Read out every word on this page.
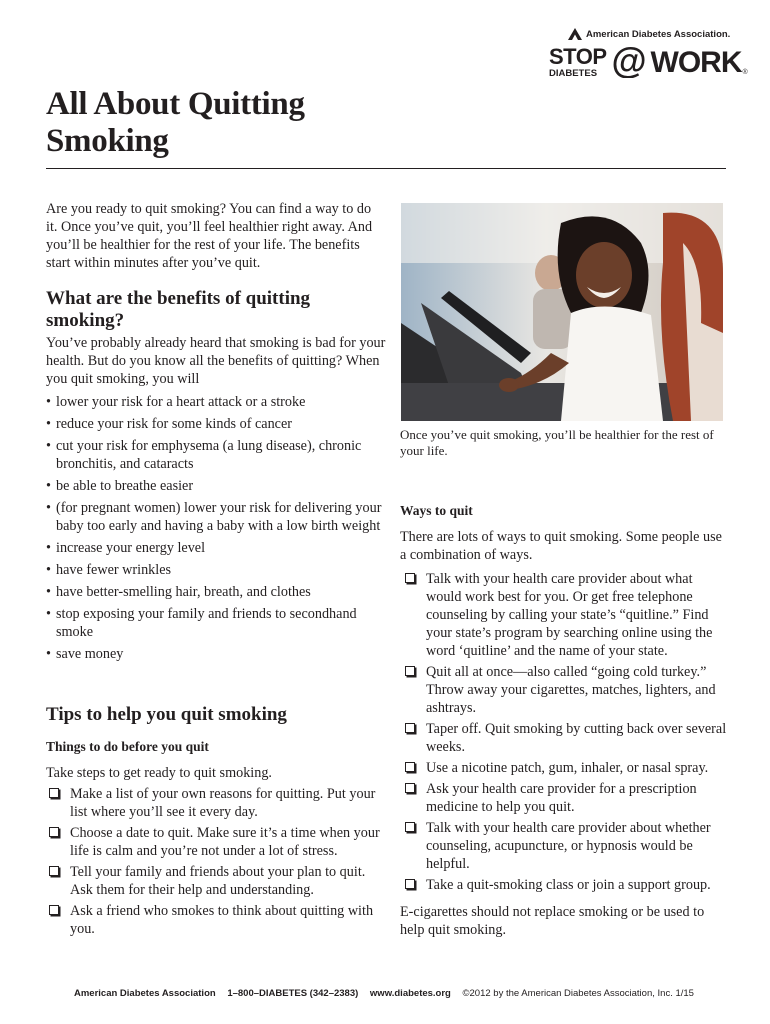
American Diabetes Association.
STOP
DIABETES @ WORK ®
All About Quitting Smoking
Are you ready to quit smoking? You can find a way to do it. Once you’ve quit, you’ll feel healthier right away. And you’ll be healthier for the rest of your life. The benefits start within minutes after you’ve quit.
What are the benefits of quitting smoking?
You’ve probably already heard that smoking is bad for your health. But do you know all the benefits of quitting? When you quit smoking, you will
• lower your risk for a heart attack or a stroke
• reduce your risk for some kinds of cancer
• cut your risk for emphysema (a lung disease), chronic bronchitis, and cataracts
• be able to breathe easier
• (for pregnant women) lower your risk for delivering your baby too early and having a baby with a low birth weight
• increase your energy level
• have fewer wrinkles
• have better-smelling hair, breath, and clothes
• stop exposing your family and friends to secondhand smoke
• save money
Tips to help you quit smoking
Things to do before you quit
Take steps to get ready to quit smoking.
Make a list of your own reasons for quitting. Put your list where you’ll see it every day.
Choose a date to quit. Make sure it’s a time when your life is calm and you’re not under a lot of stress.
Tell your family and friends about your plan to quit. Ask them for their help and understanding.
Ask a friend who smokes to think about quitting with you.
Once you’ve quit smoking, you’ll be healthier for the rest of your life.
Ways to quit
There are lots of ways to quit smoking. Some people use a combination of ways.
Talk with your health care provider about what would work best for you. Or get free telephone counseling by calling your state’s “quitline.” Find your state’s program by searching online using the word ‘quitline’ and the name of your state.
Quit all at once—also called “going cold turkey.” Throw away your cigarettes, matches, lighters, and ashtrays.
Taper off. Quit smoking by cutting back over several weeks.
Use a nicotine patch, gum, inhaler, or nasal spray.
Ask your health care provider for a prescription medicine to help you quit.
Talk with your health care provider about whether counseling, acupuncture, or hypnosis would be helpful.
Take a quit-smoking class or join a support group.
E-cigarettes should not replace smoking or be used to help quit smoking.
American Diabetes Association 1–800–DIABETES (342–2383) www.diabetes.org ©2012 by the American Diabetes Association, Inc. 1/15
